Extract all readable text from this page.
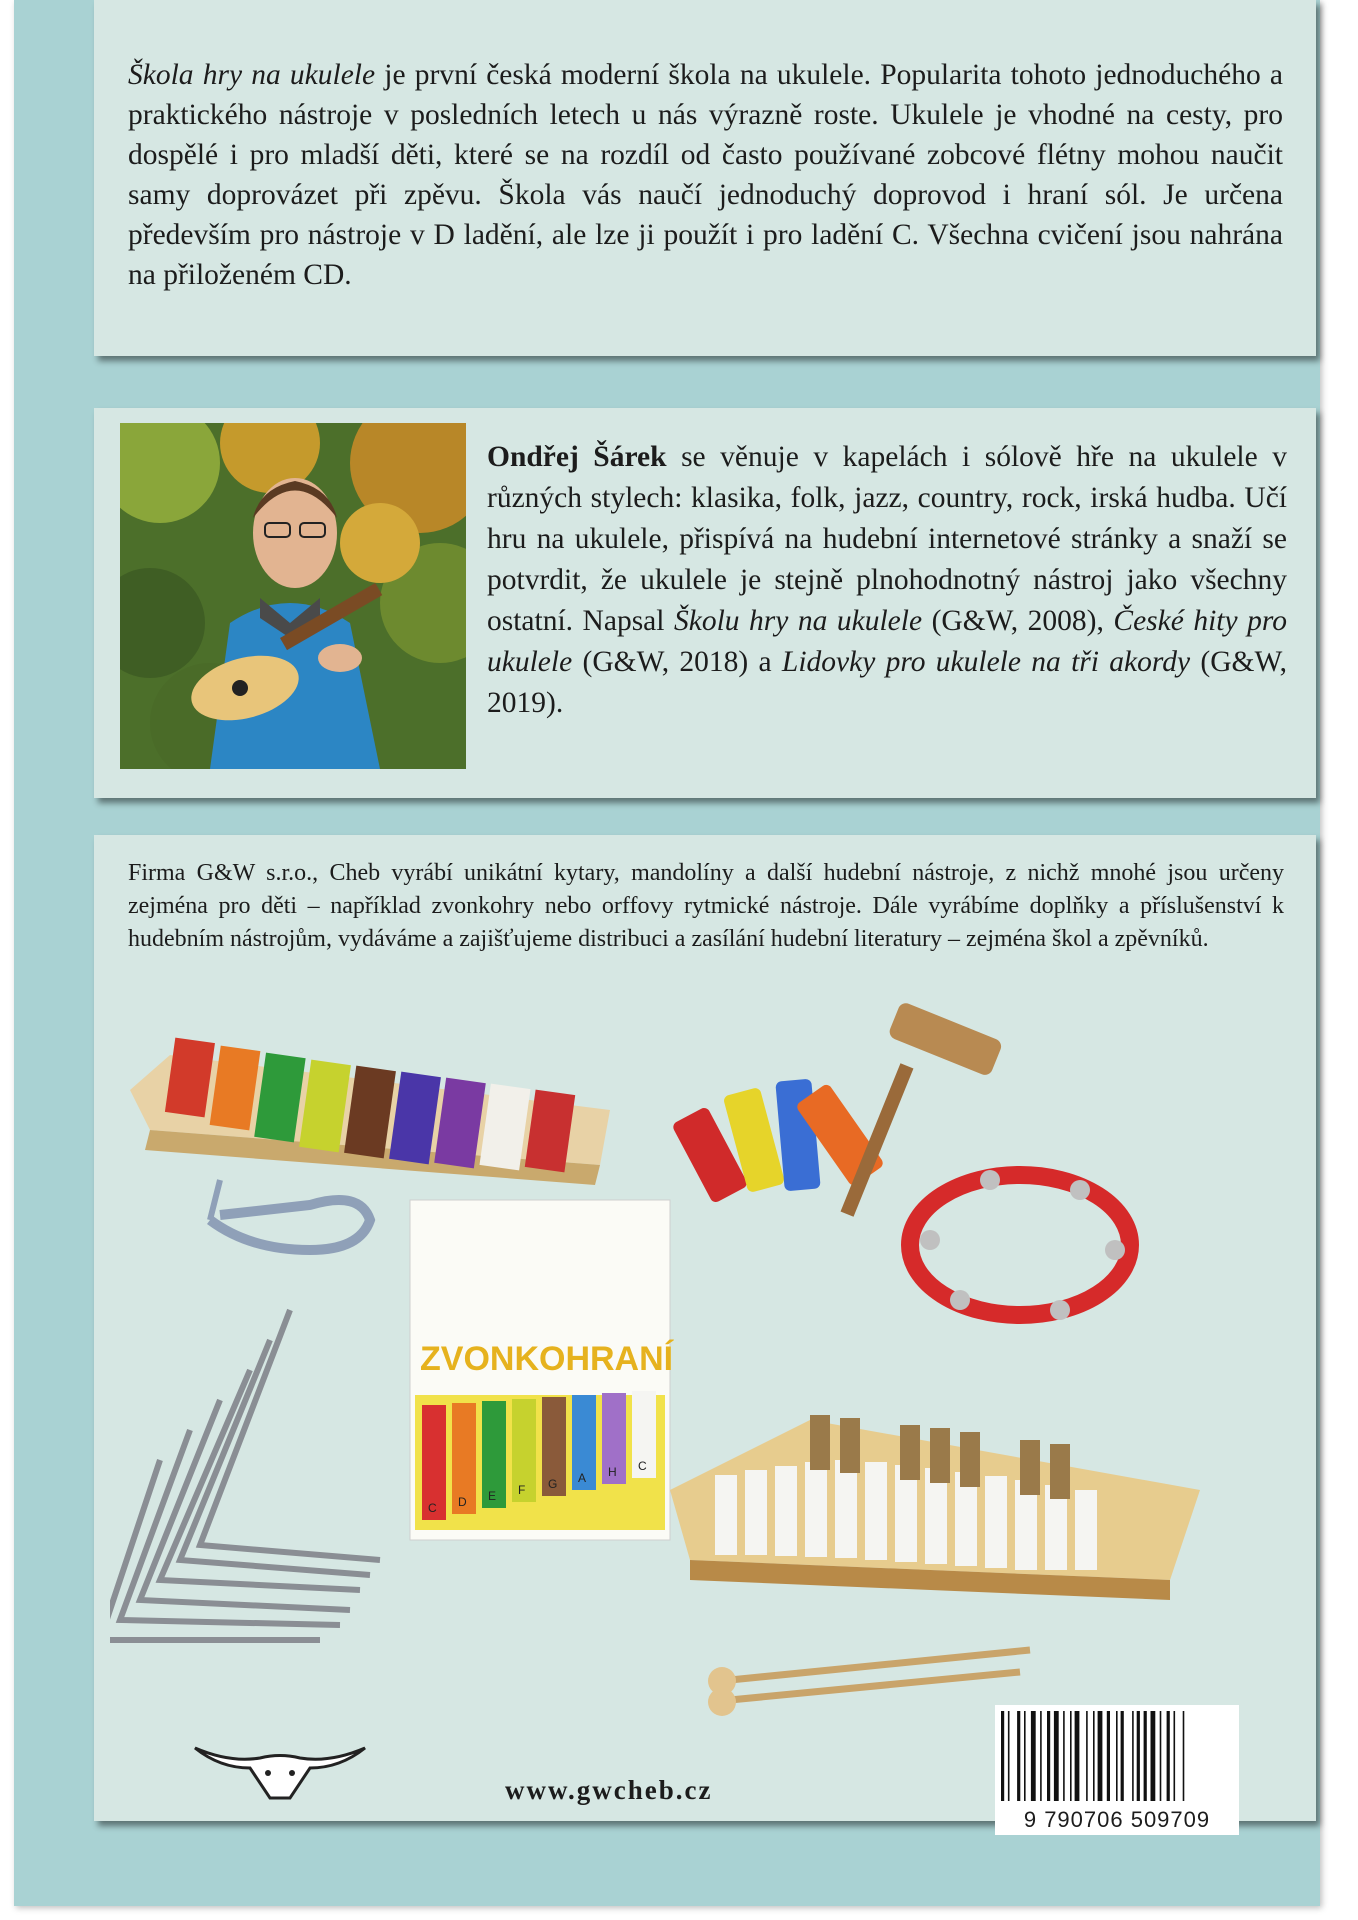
Škola hry na ukulele je první česká moderní škola na ukulele. Popularita tohoto jednoduchého a praktického nástroje v posledních letech u nás výrazně roste. Ukulele je vhodné na cesty, pro dospělé i pro mladší děti, které se na rozdíl od často používané zobcové flétny mohou naučit samy doprovázet při zpěvu. Škola vás naučí jednoduchý doprovod i hraní sól. Je určena především pro nástroje v D ladění, ale lze ji použít i pro ladění C. Všechna cvičení jsou nahrána na přiloženém CD.

Ondřej Šárek se věnuje v kapelách i sólově hře na ukulele v různých stylech: klasika, folk, jazz, country, rock, irská hudba. Učí hru na ukulele, přispívá na hudební internetové stránky a snaží se potvrdit, že ukulele je stejně plnohodnotný nástroj jako všechny ostatní. Napsal Školu hry na ukulele (G&W, 2008), České hity pro ukulele (G&W, 2018) a Lidovky pro ukulele na tři akordy (G&W, 2019).

Firma G&W s.r.o., Cheb vyrábí unikátní kytary, mandolíny a další hudební nástroje, z nichž mnohé jsou určeny zejména pro děti – například zvonkohry nebo orffovy rytmické nástroje. Dále vyrábíme doplňky a příslušenství k hudebním nástrojům, vydáváme a zajišťujeme distribuci a zasílání hudební literatury – zejména škol a zpěvníků.

ZVONKOHRANÍ
C D E F G A H C
www.gwcheb.cz
9 790706 509709
